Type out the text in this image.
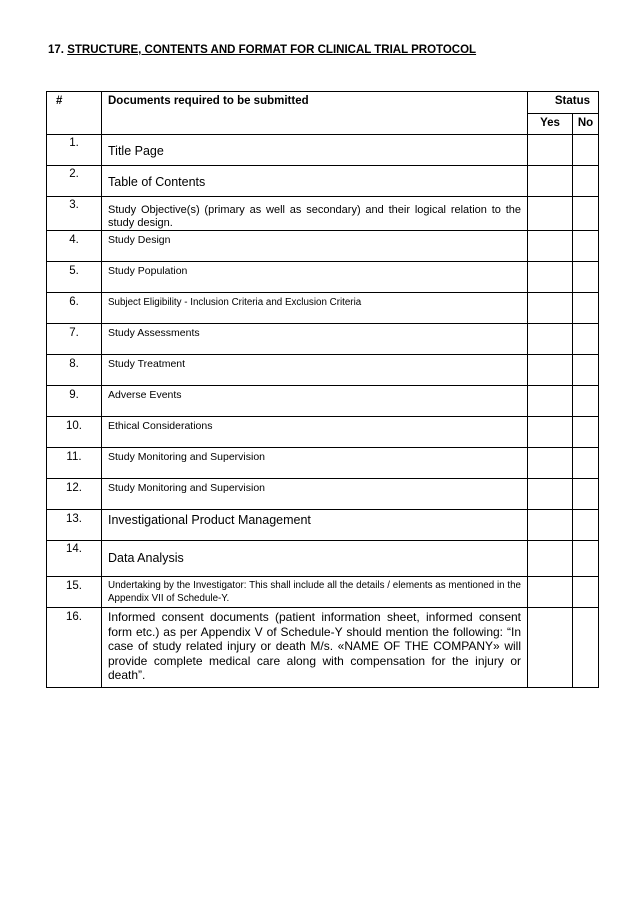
17. STRUCTURE, CONTENTS AND FORMAT FOR CLINICAL TRIAL PROTOCOL
#	Documents required to be submitted	Status	
		Yes	No
1.	Title Page		
2.	Table of Contents		
3.	Study Objective(s) (primary as well as secondary) and their logical relation to the study design.		
4.	Study Design		
5.	Study Population		
6.	Subject Eligibility - Inclusion Criteria and Exclusion Criteria		
7.	Study Assessments		
8.	Study Treatment		
9.	Adverse Events		
10.	Ethical Considerations		
11.	Study Monitoring and Supervision		
12.	Study Monitoring and Supervision		
13.	Investigational Product Management		
14.	Data Analysis		
15.	Undertaking by the Investigator: This shall include all the details / elements as mentioned in the Appendix VII of Schedule-Y.		
16.	Informed consent documents (patient information sheet, informed consent form etc.) as per Appendix V of Schedule-Y should mention the following: “In case of study related injury or death M/s. «NAME OF THE COMPANY» will provide complete medical care along with compensation for the injury or death”.		
